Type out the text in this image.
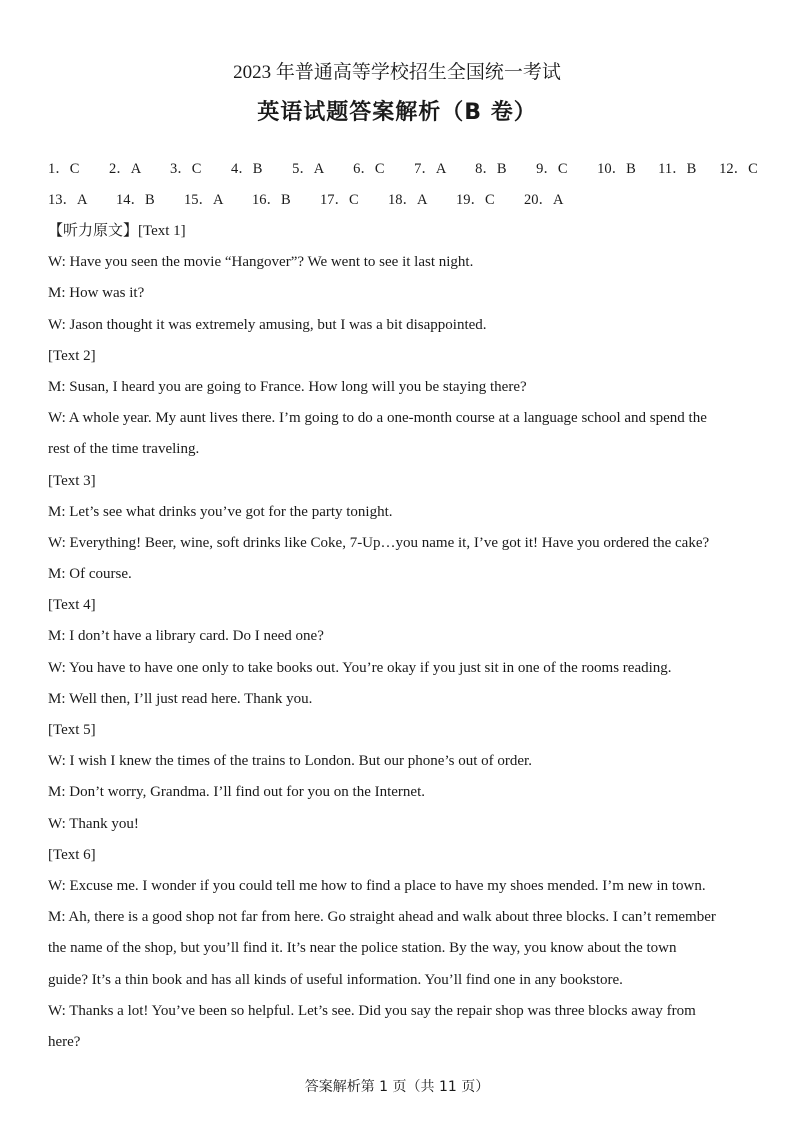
2023 年普通高等学校招生全国统一考试
英语试题答案解析（B 卷）
1．C	2．A	3．C	4．B	5．A	6．C	7．A	8．B	9．C	10．B	11．B	12．C
13．A	14．B	15．A	16．B	17．C	18．A	19．C	20．A
【听力原文】[Text 1]
W: Have you seen the movie “Hangover”? We went to see it last night.
M: How was it?
W: Jason thought it was extremely amusing, but I was a bit disappointed.
[Text 2]
M: Susan, I heard you are going to France. How long will you be staying there?
W: A whole year. My aunt lives there. I’m going to do a one-month course at a language school and spend the
rest of the time traveling.
[Text 3]
M: Let’s see what drinks you’ve got for the party tonight.
W: Everything! Beer, wine, soft drinks like Coke, 7-Up…you name it, I’ve got it! Have you ordered the cake?
M: Of course.
[Text 4]
M: I don’t have a library card. Do I need one?
W: You have to have one only to take books out. You’re okay if you just sit in one of the rooms reading.
M: Well then, I’ll just read here. Thank you.
[Text 5]
W: I wish I knew the times of the trains to London. But our phone’s out of order.
M: Don’t worry, Grandma. I’ll find out for you on the Internet.
W: Thank you!
[Text 6]
W: Excuse me. I wonder if you could tell me how to find a place to have my shoes mended. I’m new in town.
M: Ah, there is a good shop not far from here. Go straight ahead and walk about three blocks. I can’t remember
the name of the shop, but you’ll find it. It’s near the police station. By the way, you know about the town
guide? It’s a thin book and has all kinds of useful information. You’ll find one in any bookstore.
W: Thanks a lot! You’ve been so helpful. Let’s see. Did you say the repair shop was three blocks away from
here?
答案解析第 1 页（共 11 页）
